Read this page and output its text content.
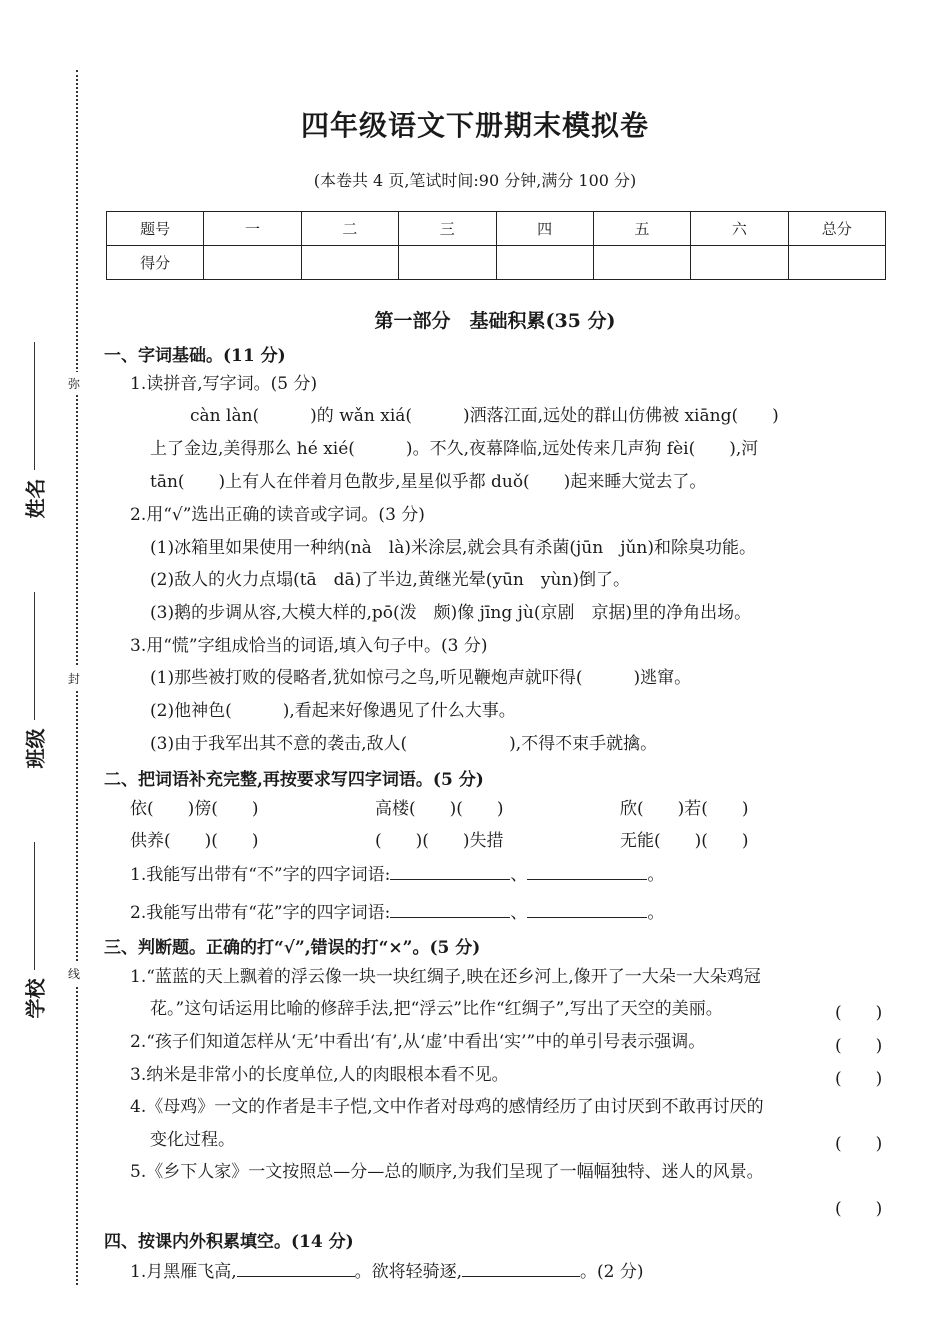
弥
封
线
姓名
班级
学校
四年级语文下册期末模拟卷
(本卷共 4 页,笔试时间:90 分钟,满分 100 分)
题号	一	二	三	四	五	六	总分
得分							
第一部分　基础积累(35 分)
一、字词基础。(11 分)
1.读拼音,写字词。(5 分)
càn làn(　　　)的 wǎn xiá(　　　)洒落江面,远处的群山仿佛被 xiāng(　　)
上了金边,美得那么 hé xié(　　　)。不久,夜幕降临,远处传来几声狗 fèi(　　),河
tān(　　)上有人在伴着月色散步,星星似乎都 duǒ(　　)起来睡大觉去了。
2.用“√”选出正确的读音或字词。(3 分)
(1)冰箱里如果使用一种纳(nà　là)米涂层,就会具有杀菌(jūn　jǔn)和除臭功能。
(2)敌人的火力点塌(tā　dā)了半边,黄继光晕(yūn　yùn)倒了。
(3)鹅的步调从容,大模大样的,pō(泼　颇)像 jīng jù(京剧　京据)里的净角出场。
3.用“慌”字组成恰当的词语,填入句子中。(3 分)
(1)那些被打败的侵略者,犹如惊弓之鸟,听见鞭炮声就吓得(　　　)逃窜。
(2)他神色(　　　),看起来好像遇见了什么大事。
(3)由于我军出其不意的袭击,敌人(　　　　　　),不得不束手就擒。
二、把词语补充完整,再按要求写四字词语。(5 分)
依(　　)傍(　　)	高楼(　　)(　　)	欣(　　)若(　　)
供养(　　)(　　)	(　　)(　　)失措	无能(　　)(　　)
1.我能写出带有“不”字的四字词语:	、	。
2.我能写出带有“花”字的四字词语:	、	。
三、判断题。正确的打“√”,错误的打“×”。(5 分)
1.“蓝蓝的天上飘着的浮云像一块一块红绸子,映在还乡河上,像开了一大朵一大朵鸡冠
花。”这句话运用比喻的修辞手法,把“浮云”比作“红绸子”,写出了天空的美丽。	(　　)
2.“孩子们知道怎样从‘无’中看出‘有’,从‘虚’中看出‘实’”中的单引号表示强调。	(　　)
3.纳米是非常小的长度单位,人的肉眼根本看不见。	(　　)
4.《母鸡》一文的作者是丰子恺,文中作者对母鸡的感情经历了由讨厌到不敢再讨厌的
变化过程。	(　　)
5.《乡下人家》一文按照总—分—总的顺序,为我们呈现了一幅幅独特、迷人的风景。
(　　)
四、按课内外积累填空。(14 分)
1.月黑雁飞高,	。欲将轻骑逐,	。(2 分)
